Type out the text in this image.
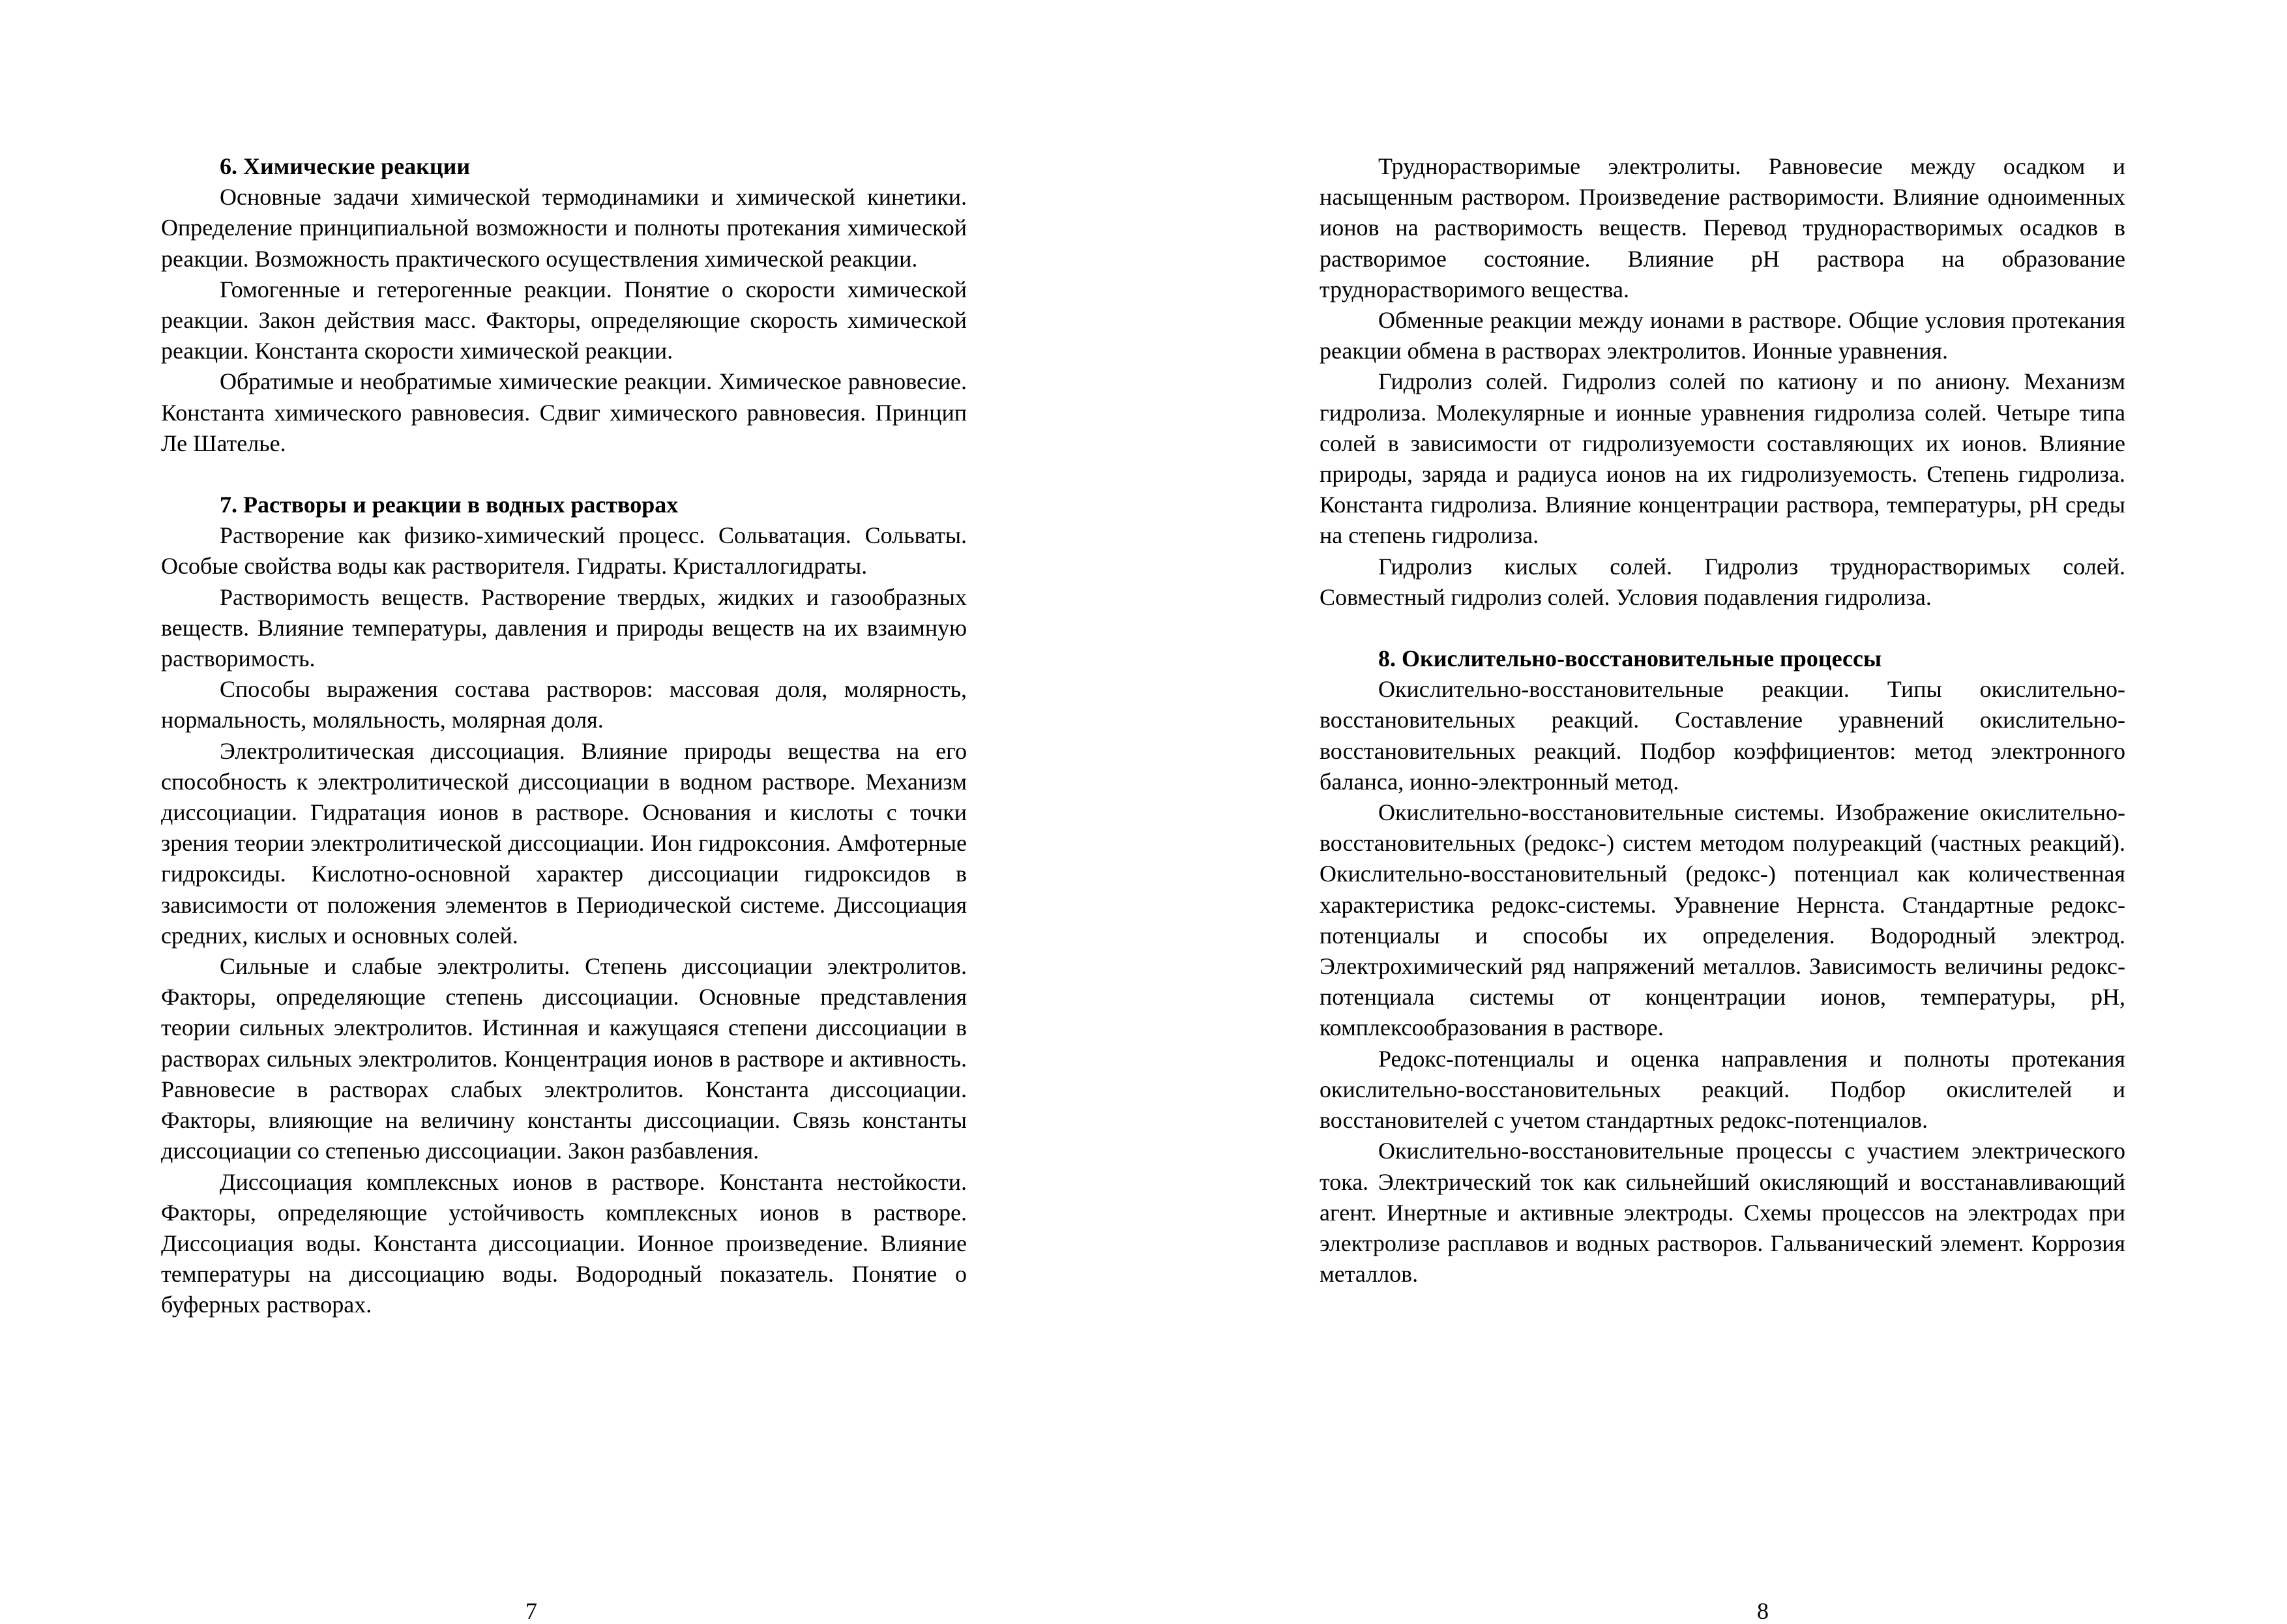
6. Химические реакции

Основные задачи химической термодинамики и химической кинетики. Определение принципиальной возможности и полноты протекания химической реакции. Возможность практического осуществления химической реакции.

Гомогенные и гетерогенные реакции. Понятие о скорости химической реакции. Закон действия масс. Факторы, определяющие скорость химической реакции. Константа скорости химической реакции.

Обратимые и необратимые химические реакции. Химическое равновесие. Константа химического равновесия. Сдвиг химического равновесия. Принцип Ле Шателье.

7. Растворы и реакции в водных растворах

Растворение как физико-химический процесс. Сольватация. Сольваты. Особые свойства воды как растворителя. Гидраты. Кристаллогидраты.

Растворимость веществ. Растворение твердых, жидких и газообразных веществ. Влияние температуры, давления и природы веществ на их взаимную растворимость.

Способы выражения состава растворов: массовая доля, молярность, нормальность, моляльность, молярная доля.

Электролитическая диссоциация. Влияние природы вещества на его способность к электролитической диссоциации в водном растворе. Механизм диссоциации. Гидратация ионов в растворе. Основания и кислоты с точки зрения теории электролитической диссоциации. Ион гидроксония. Амфотерные гидроксиды. Кислотно-основной характер диссоциации гидроксидов в зависимости от положения элементов в Периодической системе. Диссоциация средних, кислых и основных солей.

Сильные и слабые электролиты. Степень диссоциации электролитов. Факторы, определяющие степень диссоциации. Основные представления теории сильных электролитов. Истинная и кажущаяся степени диссоциации в растворах сильных электролитов. Концентрация ионов в растворе и активность. Равновесие в растворах слабых электролитов. Константа диссоциации. Факторы, влияющие на величину константы диссоциации. Связь константы диссоциации со степенью диссоциации. Закон разбавления.

Диссоциация комплексных ионов в растворе. Константа нестойкости. Факторы, определяющие устойчивость комплексных ионов в растворе. Диссоциация воды. Константа диссоциации. Ионное произведение. Влияние температуры на диссоциацию воды. Водородный показатель. Понятие о буферных растворах.

7

Труднорастворимые электролиты. Равновесие между осадком и насыщенным раствором. Произведение растворимости. Влияние одноименных ионов на растворимость веществ. Перевод труднорастворимых осадков в растворимое состояние. Влияние pH раствора на образование труднорастворимого вещества.

Обменные реакции между ионами в растворе. Общие условия протекания реакции обмена в растворах электролитов. Ионные уравнения.

Гидролиз солей. Гидролиз солей по катиону и по аниону. Механизм гидролиза. Молекулярные и ионные уравнения гидролиза солей. Четыре типа солей в зависимости от гидролизуемости составляющих их ионов. Влияние природы, заряда и радиуса ионов на их гидролизуемость. Степень гидролиза. Константа гидролиза. Влияние концентрации раствора, температуры, pH среды на степень гидролиза.

Гидролиз кислых солей. Гидролиз труднорастворимых солей. Совместный гидролиз солей. Условия подавления гидролиза.

8. Окислительно-восстановительные процессы

Окислительно-восстановительные реакции. Типы окислительно-восстановительных реакций. Составление уравнений окислительно-восстановительных реакций. Подбор коэффициентов: метод электронного баланса, ионно-электронный метод.

Окислительно-восстановительные системы. Изображение окислительно-восстановительных (редокс-) систем методом полуреакций (частных реакций). Окислительно-восстановительный (редокс-) потенциал как количественная характеристика редокс-системы. Уравнение Нернста. Стандартные редокс-потенциалы и способы их определения. Водородный электрод. Электрохимический ряд напряжений металлов. Зависимость величины редокс-потенциала системы от концентрации ионов, температуры, pH, комплексообразования в растворе.

Редокс-потенциалы и оценка направления и полноты протекания окислительно-восстановительных реакций. Подбор окислителей и восстановителей с учетом стандартных редокс-потенциалов.

Окислительно-восстановительные процессы с участием электрического тока. Электрический ток как сильнейший окисляющий и восстанавливающий агент. Инертные и активные электроды. Схемы процессов на электродах при электролизе расплавов и водных растворов. Гальванический элемент. Коррозия металлов.

8
